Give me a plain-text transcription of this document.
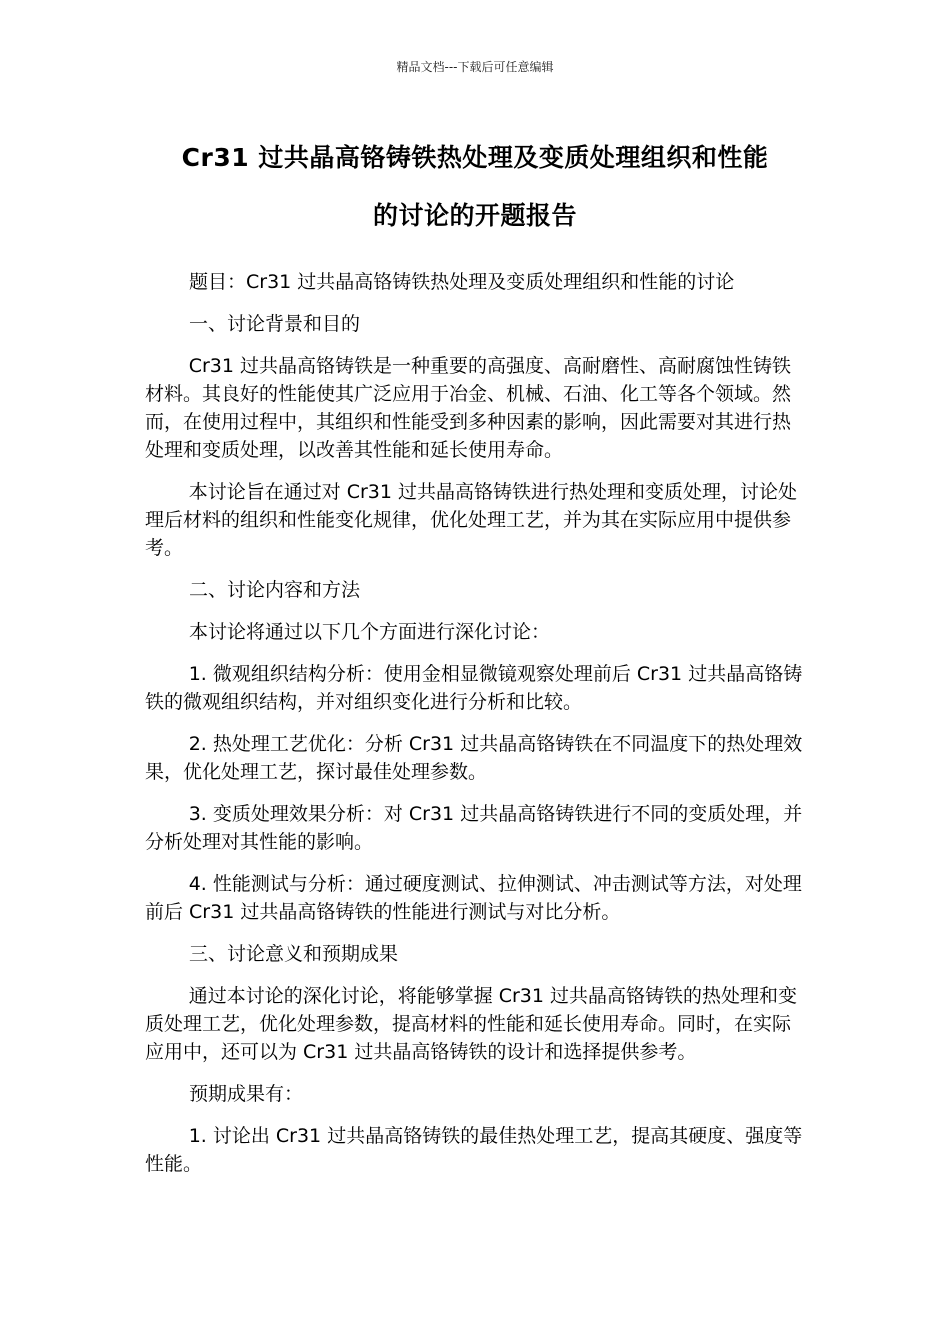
精品文档---下载后可任意编辑
Cr31 过共晶高铬铸铁热处理及变质处理组织和性能
的讨论的开题报告

题目：Cr31 过共晶高铬铸铁热处理及变质处理组织和性能的讨论

一、讨论背景和目的

Cr31 过共晶高铬铸铁是一种重要的高强度、高耐磨性、高耐腐蚀性铸铁材料。其良好的性能使其广泛应用于冶金、机械、石油、化工等各个领域。然而，在使用过程中，其组织和性能受到多种因素的影响，因此需要对其进行热处理和变质处理，以改善其性能和延长使用寿命。

本讨论旨在通过对 Cr31 过共晶高铬铸铁进行热处理和变质处理，讨论处理后材料的组织和性能变化规律，优化处理工艺，并为其在实际应用中提供参考。

二、讨论内容和方法

本讨论将通过以下几个方面进行深化讨论：

1. 微观组织结构分析：使用金相显微镜观察处理前后 Cr31 过共晶高铬铸铁的微观组织结构，并对组织变化进行分析和比较。

2. 热处理工艺优化：分析 Cr31 过共晶高铬铸铁在不同温度下的热处理效果，优化处理工艺，探讨最佳处理参数。

3. 变质处理效果分析：对 Cr31 过共晶高铬铸铁进行不同的变质处理，并分析处理对其性能的影响。

4. 性能测试与分析：通过硬度测试、拉伸测试、冲击测试等方法，对处理前后 Cr31 过共晶高铬铸铁的性能进行测试与对比分析。

三、讨论意义和预期成果

通过本讨论的深化讨论，将能够掌握 Cr31 过共晶高铬铸铁的热处理和变质处理工艺，优化处理参数，提高材料的性能和延长使用寿命。同时，在实际应用中，还可以为 Cr31 过共晶高铬铸铁的设计和选择提供参考。

预期成果有：

1. 讨论出 Cr31 过共晶高铬铸铁的最佳热处理工艺，提高其硬度、强度等性能。
